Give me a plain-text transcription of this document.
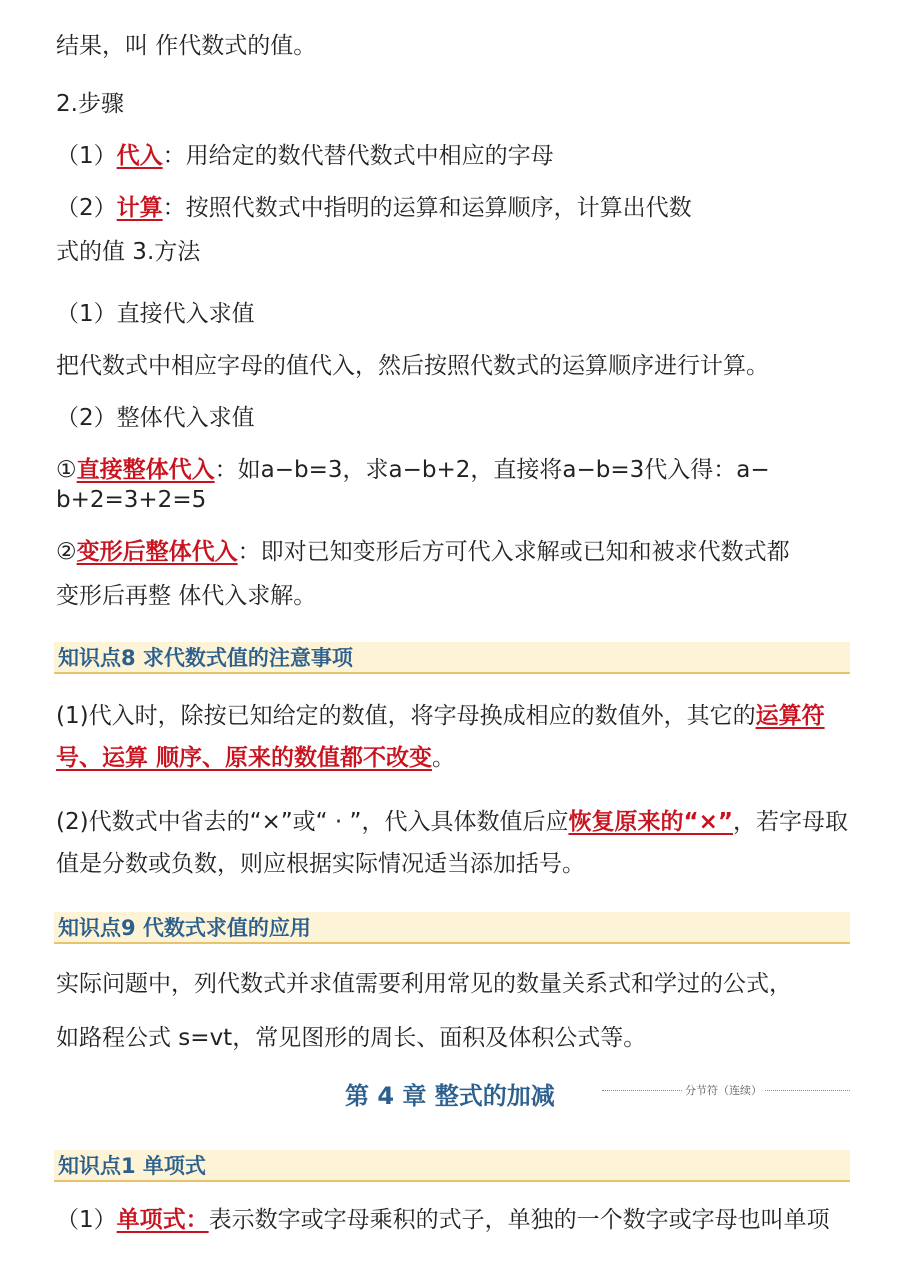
结果，叫 作代数式的值。
2.步骤
（1）代入：用给定的数代替代数式中相应的字母
（2）计算：按照代数式中指明的运算和运算顺序，计算出代数
式的值 3.方法
（1）直接代入求值
把代数式中相应字母的值代入，然后按照代数式的运算顺序进行计算。
（2）整体代入求值
①直接整体代入：如a−b=3，求a−b+2，直接将a−b=3代入得：a−
b+2=3+2=5
②变形后整体代入：即对已知变形后方可代入求解或已知和被求代数式都
变形后再整 体代入求解。
知识点8 求代数式值的注意事项
(1)代入时，除按已知给定的数值，将字母换成相应的数值外，其它的运算符
号、运算 顺序、原来的数值都不改变。
(2)代数式中省去的“×”或“ · ”，代入具体数值后应恢复原来的“×”，若字母取
值是分数或负数，则应根据实际情况适当添加括号。
知识点9 代数式求值的应用
实际问题中，列代数式并求值需要利用常见的数量关系式和学过的公式，
如路程公式 s=vt，常见图形的周长、面积及体积公式等。
第 4 章 整式的加减	分节符（连续）
知识点1 单项式
（1）单项式：表示数字或字母乘积的式子，单独的一个数字或字母也叫单项
